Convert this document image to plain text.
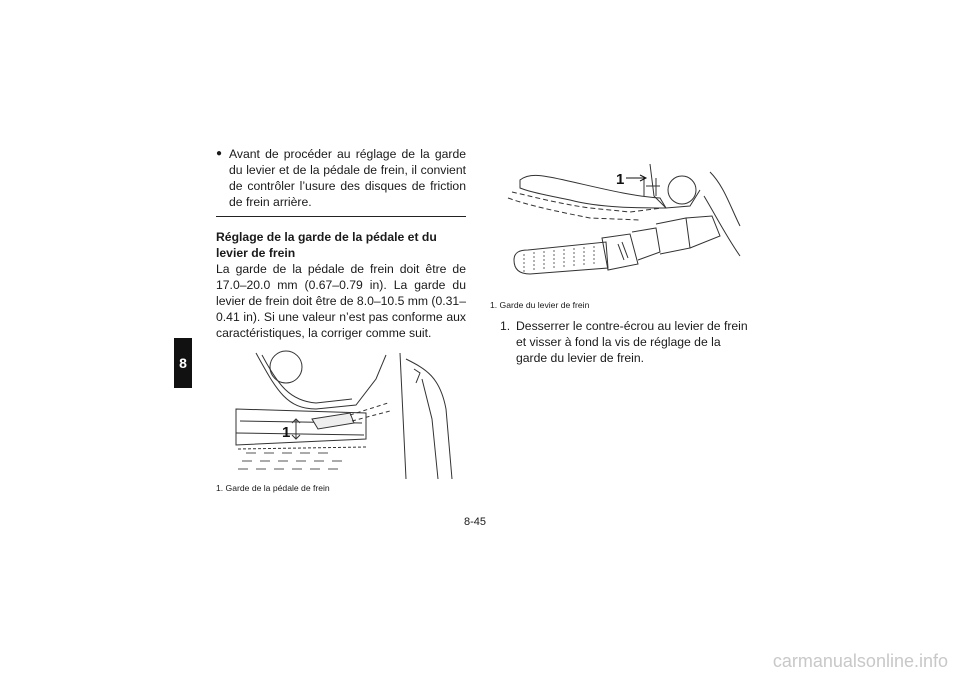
8
● Avant de procéder au réglage de la garde du levier et de la pédale de frein, il convient de contrôler l’usure des disques de friction de frein arrière.
Réglage de la garde de la pédale et du levier de frein
La garde de la pédale de frein doit être de 17.0–20.0 mm (0.67–0.79 in). La garde du levier de frein doit être de 8.0–10.5 mm (0.31–0.41 in). Si une valeur n’est pas conforme aux caractéristiques, la corriger comme suit.
1
1. Garde de la pédale de frein
1
1. Garde du levier de frein
1. Desserrer le contre-écrou au levier de frein et visser à fond la vis de réglage de la garde du levier de frein.
8-45
carmanualsonline.info
